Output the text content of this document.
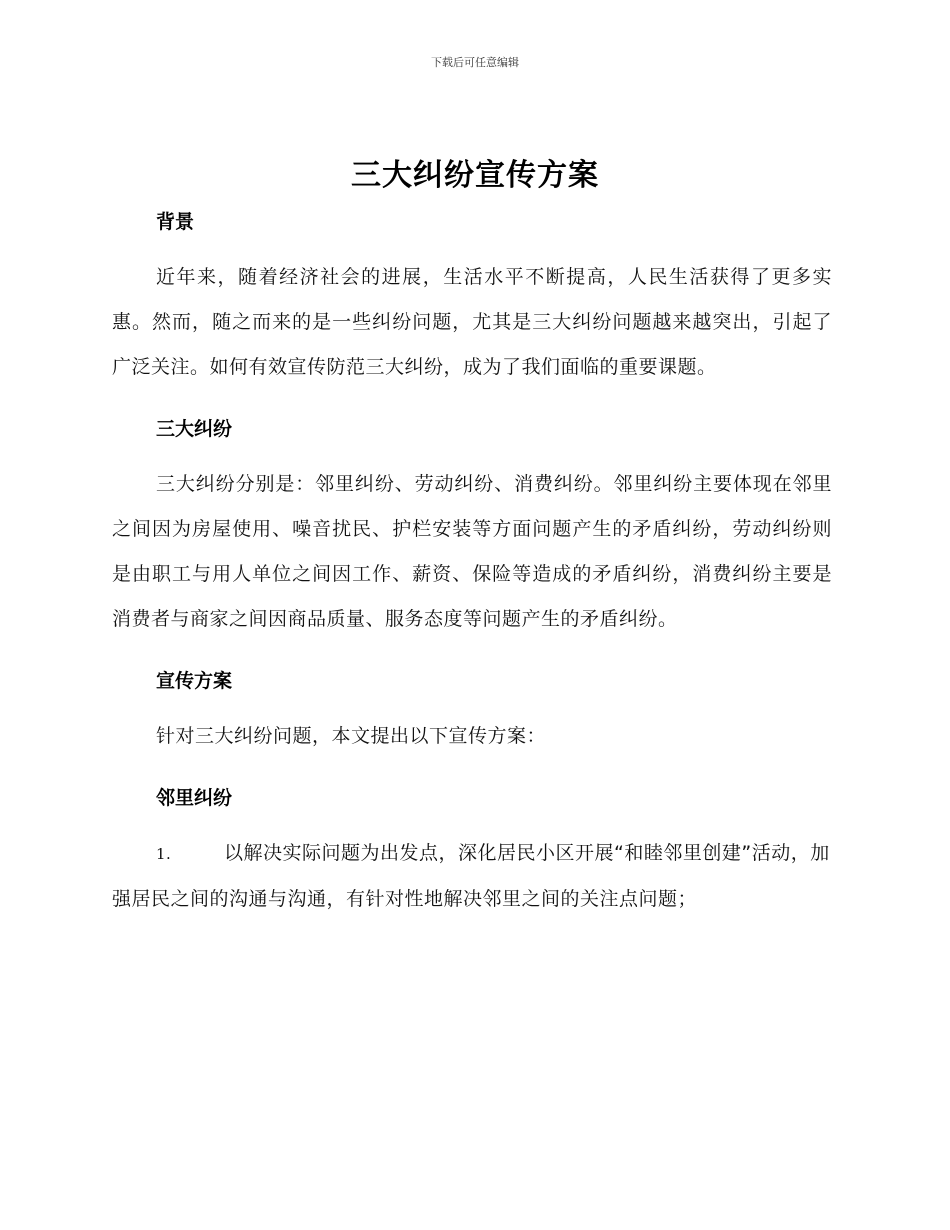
下载后可任意编辑
三大纠纷宣传方案

背景

近年来，随着经济社会的进展，生活水平不断提高，人民生活获得了更多实惠。然而，随之而来的是一些纠纷问题，尤其是三大纠纷问题越来越突出，引起了广泛关注。如何有效宣传防范三大纠纷，成为了我们面临的重要课题。

三大纠纷

三大纠纷分别是：邻里纠纷、劳动纠纷、消费纠纷。邻里纠纷主要体现在邻里之间因为房屋使用、噪音扰民、护栏安装等方面问题产生的矛盾纠纷，劳动纠纷则是由职工与用人单位之间因工作、薪资、保险等造成的矛盾纠纷，消费纠纷主要是消费者与商家之间因商品质量、服务态度等问题产生的矛盾纠纷。

宣传方案

针对三大纠纷问题，本文提出以下宣传方案：

邻里纠纷

1.	以解决实际问题为出发点，深化居民小区开展“和睦邻里创建”活动，加强居民之间的沟通与沟通，有针对性地解决邻里之间的关注点问题；
